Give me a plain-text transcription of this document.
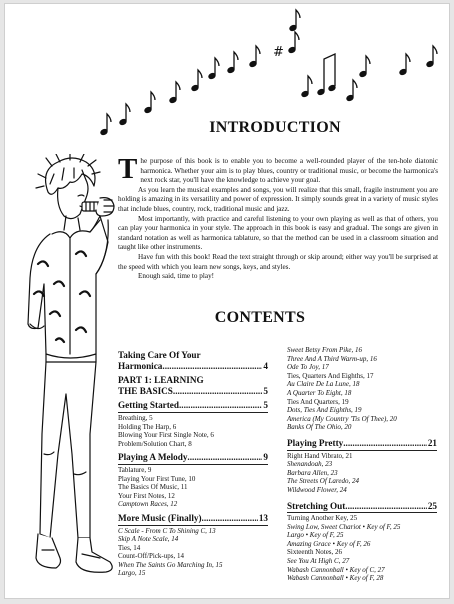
#
INTRODUCTION

The purpose of this book is to enable you to become a well-rounded player of the ten-hole diatonic harmonica. Whether your aim is to play blues, country or traditional music, or become the harmonica's next rock star, you'll have the knowledge to achieve your goal.

As you learn the musical examples and songs, you will realize that this small, fragile instrument you are holding is amazing in its versatility and power of expression. It simply sounds great in a variety of music styles that include blues, country, rock, traditional music and jazz.

Most importantly, with practice and careful listening to your own playing as well as that of others, you can play your harmonica in your style. The approach in this book is easy and gradual. The songs are given in standard notation as well as harmonica tablature, so that the method can be used in a classroom situation and taught like other instruments.

Have fun with this book! Read the text straight through or skip around; either way you'll be surprised at the speed with which you learn new songs, keys, and styles.

Enough said, time to play!

CONTENTS
Taking Care Of Your
Harmonica .....	4
PART 1: LEARNING
THE BASICS .....	5
Getting Started .....	5
Breathing, 5
Holding The Harp, 6
Blowing Your First Single Note, 6
Problem/Solution Chart, 8
Playing A Melody .....	9
Tablature, 9
Playing Your First Tune, 10
The Basics Of Music, 11
Your First Notes, 12
Camptown Races, 12
More Music (Finally) .....	13
C Scale - From C To Shining C, 13
Skip A Note Scale, 14
Ties, 14
Count-Off/Pick-ups, 14
When The Saints Go Marching In, 15
Largo, 15
Sweet Betsy From Pike, 16
Three And A Third Warm-up, 16
Ode To Joy, 17
Ties, Quarters And Eighths, 17
Au Claire De La Lune, 18
A Quarter To Eight, 18
Ties And Quarters, 19
Dots, Ties And Eighths, 19
America (My Country 'Tis Of Thee), 20
Banks Of The Ohio, 20
Playing Pretty .....	21
Right Hand Vibrato, 21
Shenandoah, 23
Barbara Allen, 23
The Streets Of Laredo, 24
Wildwood Flower, 24
Stretching Out .....	25
Turning Another Key, 25
Swing Low, Sweet Chariot • Key of F, 25
Largo • Key of F, 25
Amazing Grace • Key of F, 26
Sixteenth Notes, 26
See You At High C, 27
Wabash Cannonball • Key of C, 27
Wabash Cannonball • Key of F, 28
